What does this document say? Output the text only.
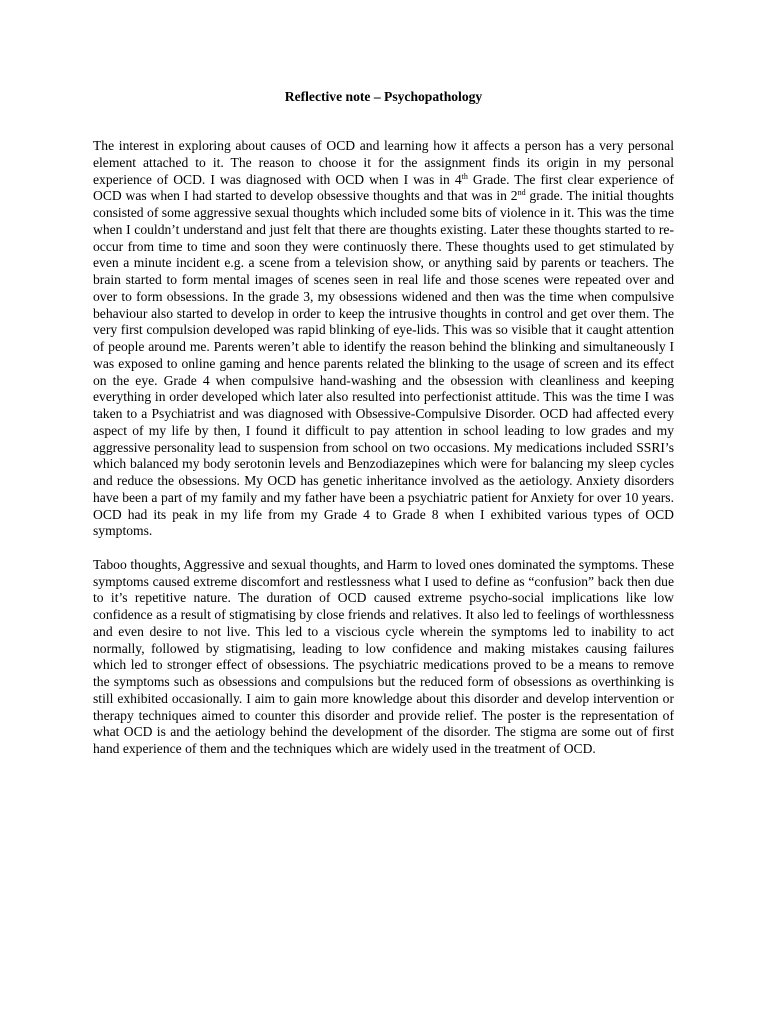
Reflective note – Psychopathology

The interest in exploring about causes of OCD and learning how it affects a person has a very personal element attached to it. The reason to choose it for the assignment finds its origin in my personal experience of OCD. I was diagnosed with OCD when I was in 4th Grade. The first clear experience of OCD was when I had started to develop obsessive thoughts and that was in 2nd grade. The initial thoughts consisted of some aggressive sexual thoughts which included some bits of violence in it. This was the time when I couldn’t understand and just felt that there are thoughts existing. Later these thoughts started to re-occur from time to time and soon they were continuosly there. These thoughts used to get stimulated by even a minute incident e.g. a scene from a television show, or anything said by parents or teachers. The brain started to form mental images of scenes seen in real life and those scenes were repeated over and over to form obsessions. In the grade 3, my obsessions widened and then was the time when compulsive behaviour also started to develop in order to keep the intrusive thoughts in control and get over them. The very first compulsion developed was rapid blinking of eye-lids. This was so visible that it caught attention of people around me. Parents weren’t able to identify the reason behind the blinking and simultaneously I was exposed to online gaming and hence parents related the blinking to the usage of screen and its effect on the eye. Grade 4 when compulsive hand-washing and the obsession with cleanliness and keeping everything in order developed which later also resulted into perfectionist attitude. This was the time I was taken to a Psychiatrist and was diagnosed with Obsessive-Compulsive Disorder. OCD had affected every aspect of my life by then, I found it difficult to pay attention in school leading to low grades and my aggressive personality lead to suspension from school on two occasions. My medications included SSRI’s which balanced my body serotonin levels and Benzodiazepines which were for balancing my sleep cycles and reduce the obsessions. My OCD has genetic inheritance involved as the aetiology. Anxiety disorders have been a part of my family and my father have been a psychiatric patient for Anxiety for over 10 years. OCD had its peak in my life from my Grade 4 to Grade 8 when I exhibited various types of OCD symptoms.

Taboo thoughts, Aggressive and sexual thoughts, and Harm to loved ones dominated the symptoms. These symptoms caused extreme discomfort and restlessness what I used to define as “confusion” back then due to it’s repetitive nature. The duration of OCD caused extreme psycho-social implications like low confidence as a result of stigmatising by close friends and relatives. It also led to feelings of worthlessness and even desire to not live. This led to a viscious cycle wherein the symptoms led to inability to act normally, followed by stigmatising, leading to low confidence and making mistakes causing failures which led to stronger effect of obsessions. The psychiatric medications proved to be a means to remove the symptoms such as obsessions and compulsions but the reduced form of obsessions as overthinking is still exhibited occasionally. I aim to gain more knowledge about this disorder and develop intervention or therapy techniques aimed to counter this disorder and provide relief. The poster is the representation of what OCD is and the aetiology behind the development of the disorder. The stigma are some out of first hand experience of them and the techniques which are widely used in the treatment of OCD.
